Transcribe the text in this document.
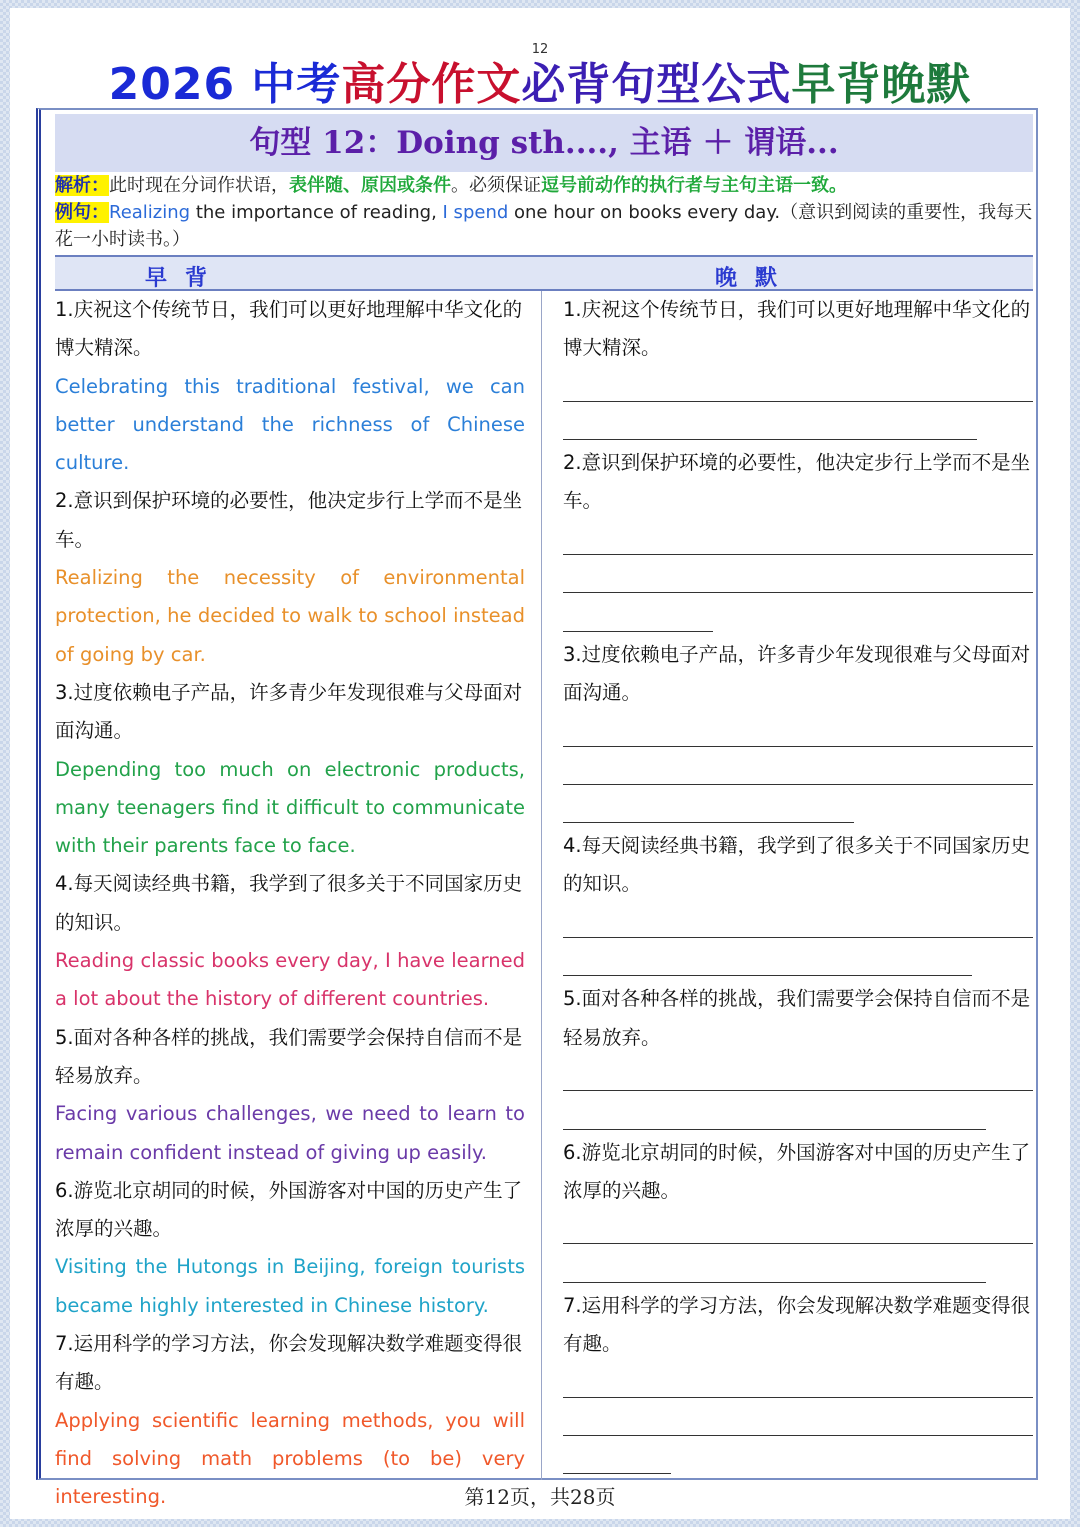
12
2026 中考高分作文必背句型公式早背晚默
句型 12：Doing sth...., 主语 ＋ 谓语...
解析：此时现在分词作状语，表伴随、原因或条件。必须保证逗号前动作的执行者与主句主语一致。
例句：Realizing the importance of reading, I spend one hour on books every day.（意识到阅读的重要性，我每天花一小时读书。）
早背	晚默
1.庆祝这个传统节日，我们可以更好地理解中华文化的博大精深。
Celebrating this traditional festival, we can better understand the richness of Chinese culture.
2.意识到保护环境的必要性，他决定步行上学而不是坐车。
Realizing the necessity of environmental protection, he decided to walk to school instead of going by car.
3.过度依赖电子产品，许多青少年发现很难与父母面对面沟通。
Depending too much on electronic products, many teenagers find it difficult to communicate with their parents face to face.
4.每天阅读经典书籍，我学到了很多关于不同国家历史的知识。
Reading classic books every day, I have learned a lot about the history of different countries.
5.面对各种各样的挑战，我们需要学会保持自信而不是轻易放弃。
Facing various challenges, we need to learn to remain confident instead of giving up easily.
6.游览北京胡同的时候，外国游客对中国的历史产生了浓厚的兴趣。
Visiting the Hutongs in Beijing, foreign tourists became highly interested in Chinese history.
7.运用科学的学习方法，你会发现解决数学难题变得很有趣。
Applying scientific learning methods, you will find solving math problems (to be) very interesting.
1.庆祝这个传统节日，我们可以更好地理解中华文化的博大精深。
2.意识到保护环境的必要性，他决定步行上学而不是坐车。
3.过度依赖电子产品，许多青少年发现很难与父母面对面沟通。
4.每天阅读经典书籍，我学到了很多关于不同国家历史的知识。
5.面对各种各样的挑战，我们需要学会保持自信而不是轻易放弃。
6.游览北京胡同的时候，外国游客对中国的历史产生了浓厚的兴趣。
7.运用科学的学习方法，你会发现解决数学难题变得很有趣。
第12页，共28页
